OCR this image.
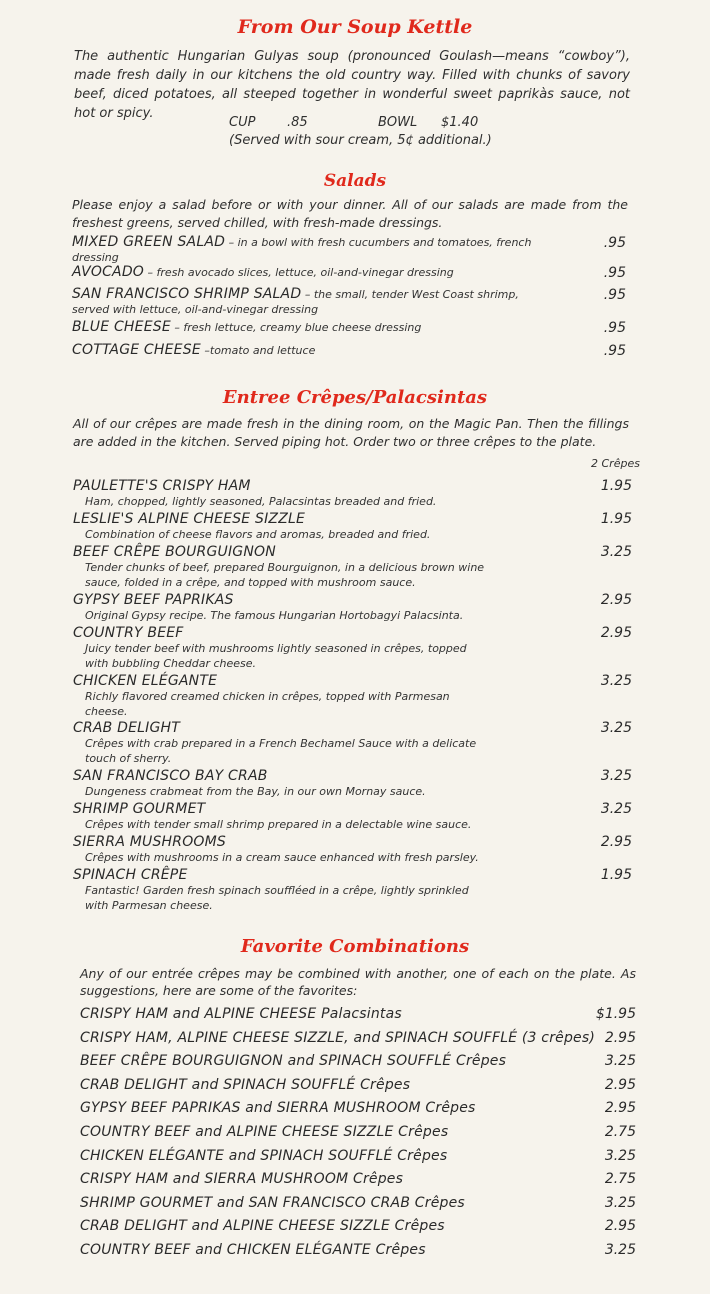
From Our Soup Kettle

The authentic Hungarian Gulyas soup (pronounced Goulash—means “cowboy”), made fresh daily in our kitchens the old country way. Filled with chunks of savory beef, diced potatoes, all steeped together in wonderful sweet paprikàs sauce, not hot or spicy.

CUP .85	BOWL $1.40
(Served with sour cream, 5¢ additional.)
Salads

Please enjoy a salad before or with your dinner. All of our salads are made from the freshest greens, served chilled, with fresh-made dressings.

MIXED GREEN SALAD – in a bowl with fresh cucumbers and tomatoes, french dressing
.95
AVOCADO – fresh avocado slices, lettuce, oil-and-vinegar dressing	.95
SAN FRANCISCO SHRIMP SALAD – the small, tender West Coast shrimp, served with lettuce, oil-and-vinegar dressing
.95
BLUE CHEESE – fresh lettuce, creamy blue cheese dressing	.95
COTTAGE CHEESE –tomato and lettuce	.95
Entree Crêpes/Palacsintas

All of our crêpes are made fresh in the dining room, on the Magic Pan. Then the fillings are added in the kitchen. Served piping hot. Order two or three crêpes to the plate.

2 Crêpes
PAULETTE'S CRISPY HAM
Ham, chopped, lightly seasoned, Palacsintas breaded and fried.
1.95
LESLIE'S ALPINE CHEESE SIZZLE
Combination of cheese flavors and aromas, breaded and fried.
1.95
BEEF CRÊPE BOURGUIGNON
Tender chunks of beef, prepared Bourguignon, in a delicious brown wine sauce, folded in a crêpe, and topped with mushroom sauce.
3.25
GYPSY BEEF PAPRIKAS
Original Gypsy recipe. The famous Hungarian Hortobagyi Palacsinta.
2.95
COUNTRY BEEF
Juicy tender beef with mushrooms lightly seasoned in crêpes, topped with bubbling Cheddar cheese.
2.95
CHICKEN ELÉGANTE
Richly flavored creamed chicken in crêpes, topped with Parmesan cheese.
3.25
CRAB DELIGHT
Crêpes with crab prepared in a French Bechamel Sauce with a delicate touch of sherry.
3.25
SAN FRANCISCO BAY CRAB
Dungeness crabmeat from the Bay, in our own Mornay sauce.
3.25
SHRIMP GOURMET
Crêpes with tender small shrimp prepared in a delectable wine sauce.
3.25
SIERRA MUSHROOMS
Crêpes with mushrooms in a cream sauce enhanced with fresh parsley.
2.95
SPINACH CRÊPE
Fantastic! Garden fresh spinach souffléed in a crêpe, lightly sprinkled with Parmesan cheese.
1.95
Favorite Combinations

Any of our entrée crêpes may be combined with another, one of each on the plate. As suggestions, here are some of the favorites:

CRISPY HAM and ALPINE CHEESE Palacsintas	$1.95
CRISPY HAM, ALPINE CHEESE SIZZLE, and SPINACH SOUFFLÉ (3 crêpes) 2.95
BEEF CRÊPE BOURGUIGNON and SPINACH SOUFFLÉ Crêpes	3.25
CRAB DELIGHT and SPINACH SOUFFLÉ Crêpes	2.95
GYPSY BEEF PAPRIKAS and SIERRA MUSHROOM Crêpes	2.95
COUNTRY BEEF and ALPINE CHEESE SIZZLE Crêpes	2.75
CHICKEN ELÉGANTE and SPINACH SOUFFLÉ Crêpes	3.25
CRISPY HAM and SIERRA MUSHROOM Crêpes	2.75
SHRIMP GOURMET and SAN FRANCISCO CRAB Crêpes	3.25
CRAB DELIGHT and ALPINE CHEESE SIZZLE Crêpes	2.95
COUNTRY BEEF and CHICKEN ELÉGANTE Crêpes	3.25
